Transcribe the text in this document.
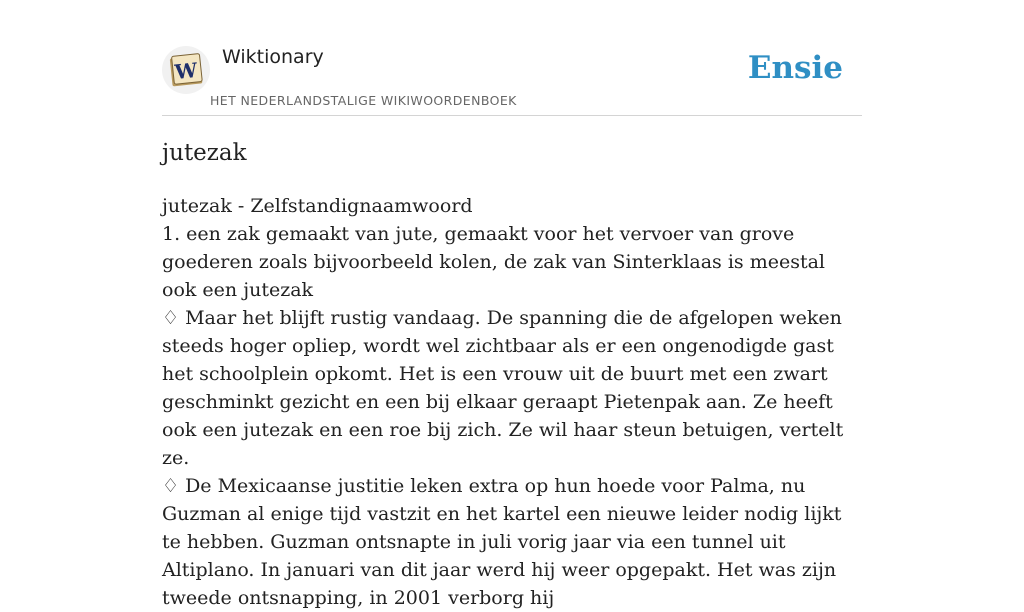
W
Wiktionary
HET NEDERLANDSTALIGE WIKIWOORDENBOEK
Ensie
jutezak

jutezak - Zelfstandignaamwoord

1. een zak gemaakt van jute, gemaakt voor het vervoer van grove goederen zoals bijvoorbeeld kolen, de zak van Sinterklaas is meestal ook een jutezak

♢ Maar het blijft rustig vandaag. De spanning die de afgelopen weken steeds hoger opliep, wordt wel zichtbaar als er een ongenodigde gast het schoolplein opkomt. Het is een vrouw uit de buurt met een zwart geschminkt gezicht en een bij elkaar geraapt Pietenpak aan. Ze heeft ook een jutezak en een roe bij zich. Ze wil haar steun betuigen, vertelt ze.

♢ De Mexicaanse justitie leken extra op hun hoede voor Palma, nu Guzman al enige tijd vastzit en het kartel een nieuwe leider nodig lijkt te hebben. Guzman ontsnapte in juli vorig jaar via een tunnel uit Altiplano. In januari van dit jaar werd hij weer opgepakt. Het was zijn tweede ontsnapping, in 2001 verborg hij
